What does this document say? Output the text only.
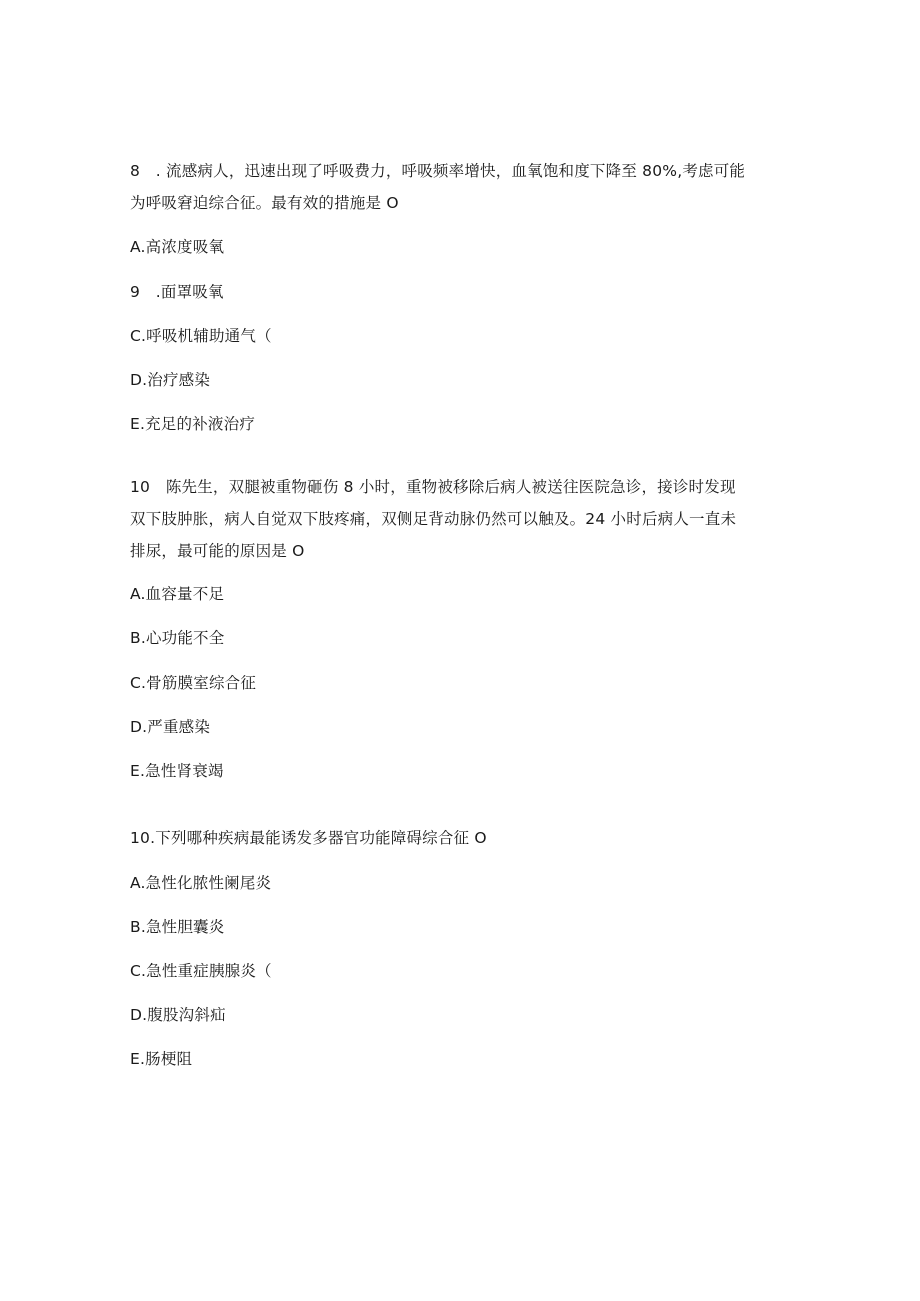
8　. 流感病人，迅速出现了呼吸费力，呼吸频率增快，血氧饱和度下降至 80%,考虑可能
为呼吸窘迫综合征。最有效的措施是 O
A.高浓度吸氧
9　.面罩吸氧
C.呼吸机辅助通气（
D.治疗感染
E.充足的补液治疗
10　陈先生，双腿被重物砸伤 8 小时，重物被移除后病人被送往医院急诊，接诊时发现
双下肢肿胀，病人自觉双下肢疼痛，双侧足背动脉仍然可以触及。24 小时后病人一直未
排尿，最可能的原因是 O
A.血容量不足
B.心功能不全
C.骨筋膜室综合征
D.严重感染
E.急性肾衰竭
10.下列哪种疾病最能诱发多器官功能障碍综合征 O
A.急性化脓性阑尾炎
B.急性胆囊炎
C.急性重症胰腺炎（
D.腹股沟斜疝
E.肠梗阻
